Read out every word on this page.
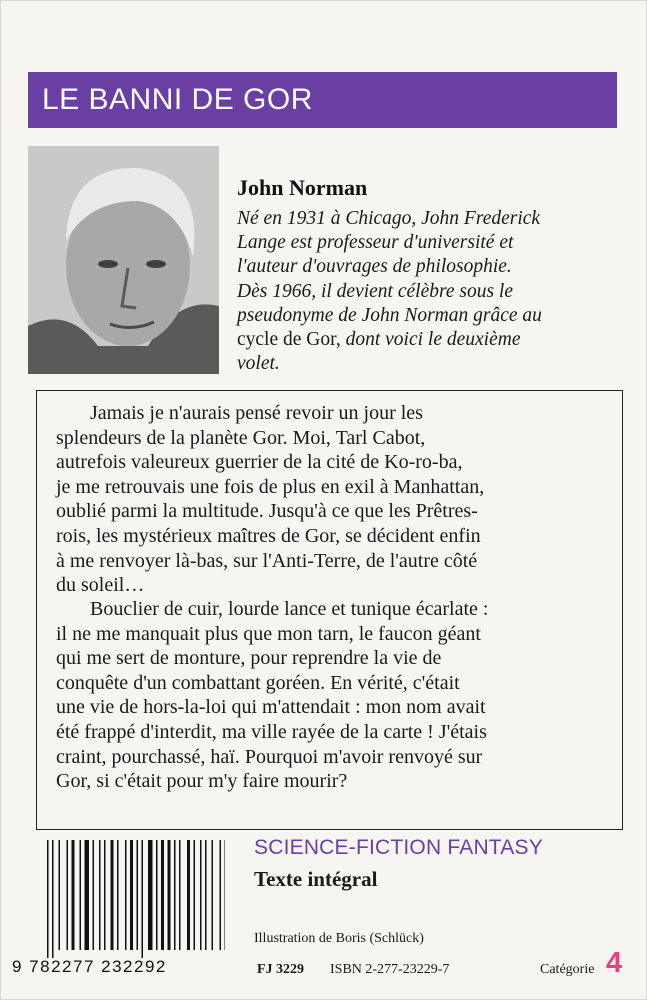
LE BANNI DE GOR
John Norman
Né en 1931 à Chicago, John Frederick
Lange est professeur d'université et
l'auteur d'ouvrages de philosophie.
Dès 1966, il devient célèbre sous le
pseudonyme de John Norman grâce au
cycle de Gor, dont voici le deuxième
volet.
Jamais je n'aurais pensé revoir un jour les
splendeurs de la planète Gor. Moi, Tarl Cabot,
autrefois valeureux guerrier de la cité de Ko-ro-ba,
je me retrouvais une fois de plus en exil à Manhattan,
oublié parmi la multitude. Jusqu'à ce que les Prêtres-
rois, les mystérieux maîtres de Gor, se décident enfin
à me renvoyer là-bas, sur l'Anti-Terre, de l'autre côté
du soleil…
Bouclier de cuir, lourde lance et tunique écarlate :
il ne me manquait plus que mon tarn, le faucon géant
qui me sert de monture, pour reprendre la vie de
conquête d'un combattant goréen. En vérité, c'était
une vie de hors-la-loi qui m'attendait : mon nom avait
été frappé d'interdit, ma ville rayée de la carte ! J'étais
craint, pourchassé, haï. Pourquoi m'avoir renvoyé sur
Gor, si c'était pour m'y faire mourir?
9 782277 232292
SCIENCE-FICTION FANTASY
Texte intégral
Illustration de Boris (Schlück)
FJ 3229 ISBN 2-277-23229-7	Catégorie 4
